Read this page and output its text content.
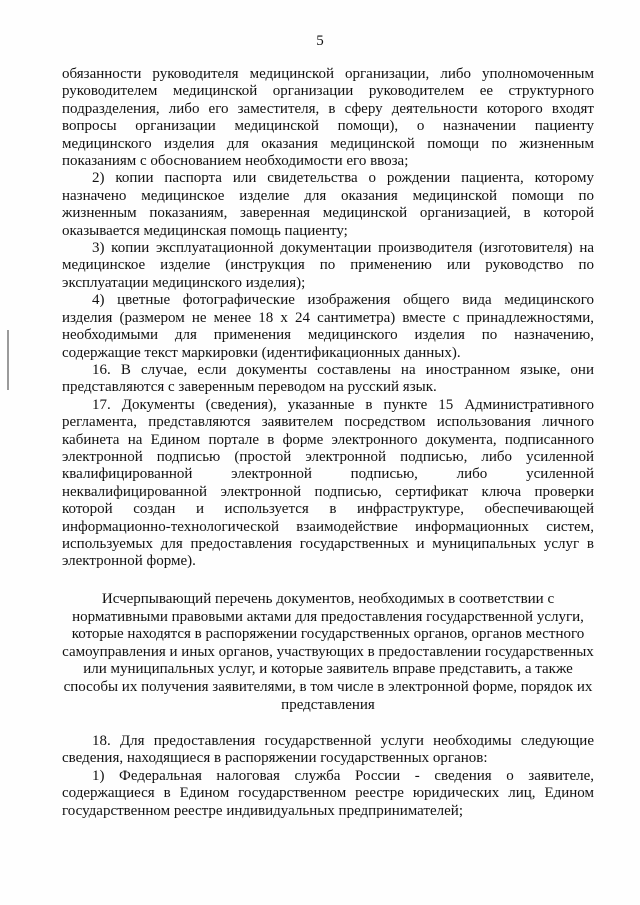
5

обязанности руководителя медицинской организации, либо уполномоченным руководителем медицинской организации руководителем ее структурного подразделения, либо его заместителя, в сферу деятельности которого входят вопросы организации медицинской помощи), о назначении пациенту медицинского изделия для оказания медицинской помощи по жизненным показаниям с обоснованием необходимости его ввоза;

2) копии паспорта или свидетельства о рождении пациента, которому назначено медицинское изделие для оказания медицинской помощи по жизненным показаниям, заверенная медицинской организацией, в которой оказывается медицинская помощь пациенту;

3) копии эксплуатационной документации производителя (изготовителя) на медицинское изделие (инструкция по применению или руководство по эксплуатации медицинского изделия);

4) цветные фотографические изображения общего вида медицинского изделия (размером не менее 18 х 24 сантиметра) вместе с принадлежностями, необходимыми для применения медицинского изделия по назначению, содержащие текст маркировки (идентификационных данных).

16. В случае, если документы составлены на иностранном языке, они представляются с заверенным переводом на русский язык.

17. Документы (сведения), указанные в пункте 15 Административного регламента, представляются заявителем посредством использования личного кабинета на Едином портале в форме электронного документа, подписанного электронной подписью (простой электронной подписью, либо усиленной квалифицированной электронной подписью, либо усиленной неквалифицированной электронной подписью, сертификат ключа проверки которой создан и используется в инфраструктуре, обеспечивающей информационно-технологической взаимодействие информационных систем, используемых для предоставления государственных и муниципальных услуг в электронной форме).

Исчерпывающий перечень документов, необходимых в соответствии с нормативными правовыми актами для предоставления государственной услуги, которые находятся в распоряжении государственных органов, органов местного самоуправления и иных органов, участвующих в предоставлении государственных или муниципальных услуг, и которые заявитель вправе представить, а также способы их получения заявителями, в том числе в электронной форме, порядок их представления

18. Для предоставления государственной услуги необходимы следующие сведения, находящиеся в распоряжении государственных органов:

1) Федеральная налоговая служба России - сведения о заявителе, содержащиеся в Едином государственном реестре юридических лиц, Едином государственном реестре индивидуальных предпринимателей;
